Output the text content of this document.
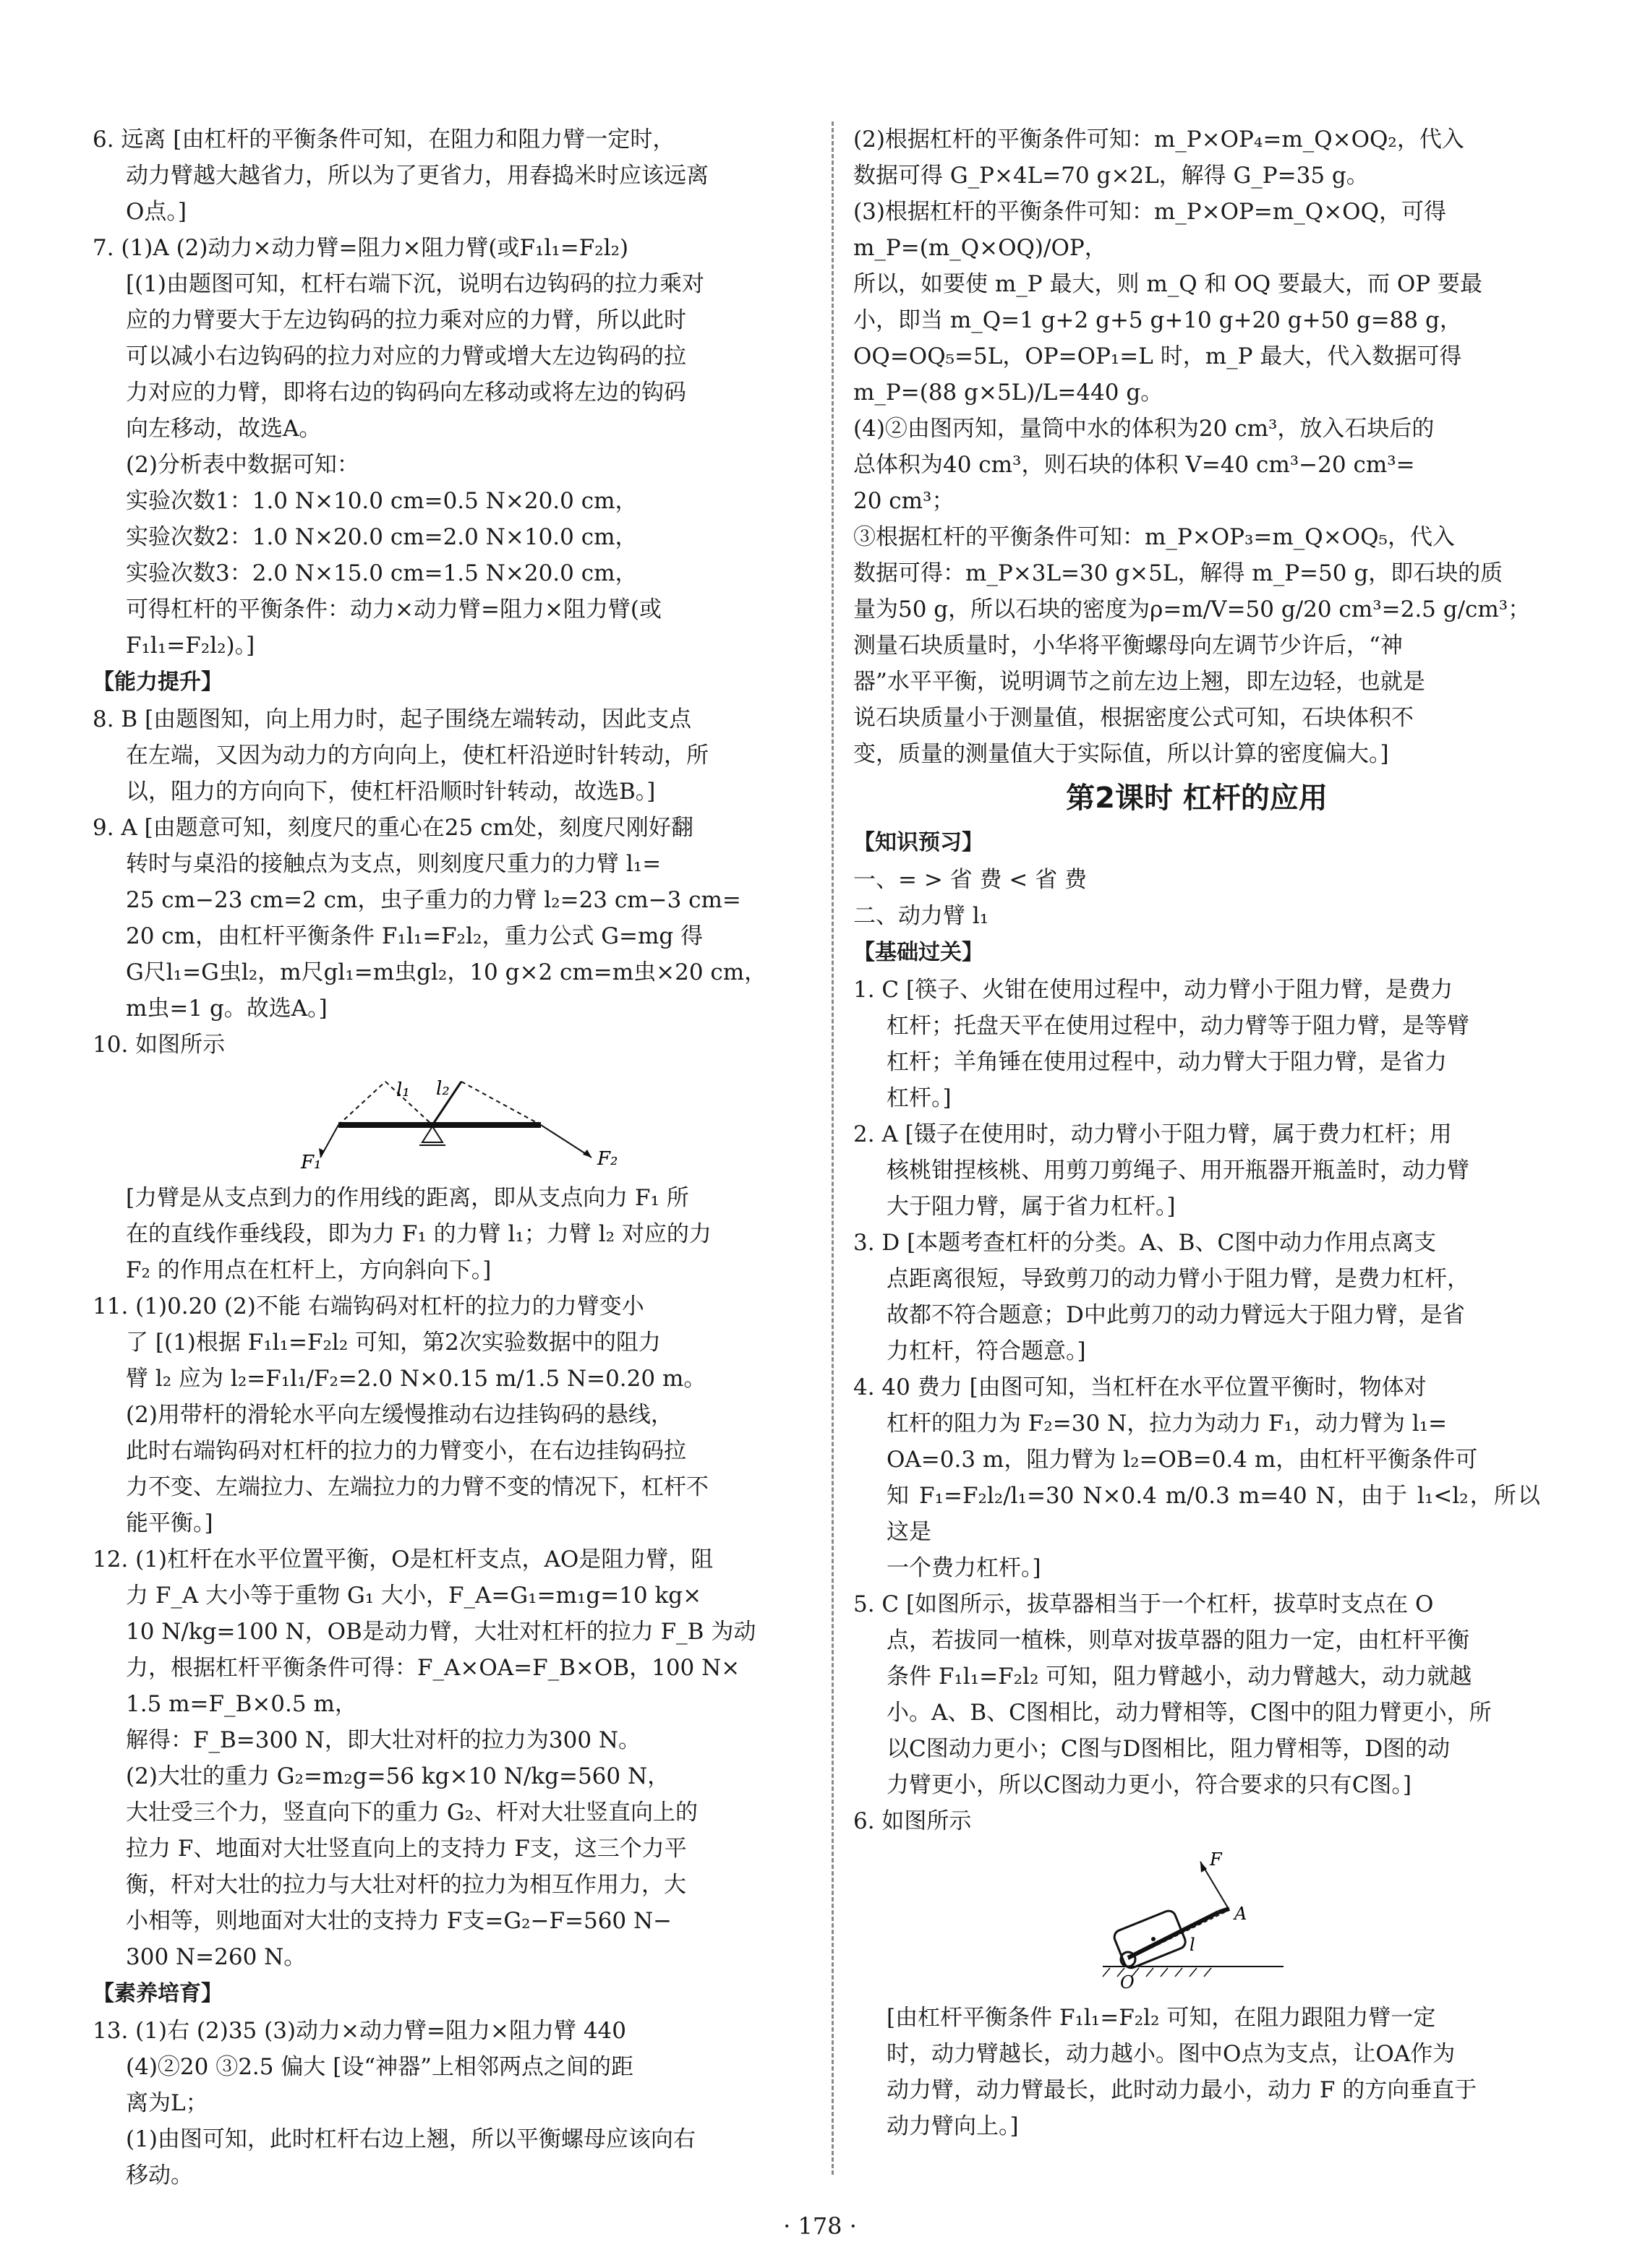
6. 远离 [由杠杆的平衡条件可知，在阻力和阻力臂一定时，
动力臂越大越省力，所以为了更省力，用舂捣米时应该远离
O点。]
7. (1)A (2)动力×动力臂=阻力×阻力臂(或F₁l₁=F₂l₂)
[(1)由题图可知，杠杆右端下沉，说明右边钩码的拉力乘对
应的力臂要大于左边钩码的拉力乘对应的力臂，所以此时
可以减小右边钩码的拉力对应的力臂或增大左边钩码的拉
力对应的力臂，即将右边的钩码向左移动或将左边的钩码
向左移动，故选A。
(2)分析表中数据可知：
实验次数1：1.0 N×10.0 cm=0.5 N×20.0 cm，
实验次数2：1.0 N×20.0 cm=2.0 N×10.0 cm，
实验次数3：2.0 N×15.0 cm=1.5 N×20.0 cm，
可得杠杆的平衡条件：动力×动力臂=阻力×阻力臂(或
F₁l₁=F₂l₂)。]
【能力提升】
8. B [由题图知，向上用力时，起子围绕左端转动，因此支点
在左端，又因为动力的方向向上，使杠杆沿逆时针转动，所
以，阻力的方向向下，使杠杆沿顺时针转动，故选B。]
9. A [由题意可知，刻度尺的重心在25 cm处，刻度尺刚好翻
转时与桌沿的接触点为支点，则刻度尺重力的力臂 l₁=
25 cm−23 cm=2 cm，虫子重力的力臂 l₂=23 cm−3 cm=
20 cm，由杠杆平衡条件 F₁l₁=F₂l₂，重力公式 G=mg 得
G尺l₁=G虫l₂，m尺gl₁=m虫gl₂，10 g×2 cm=m虫×20 cm，
m虫=1 g。故选A。]
10. 如图所示
l₁ l₂
F₁	F₂
[力臂是从支点到力的作用线的距离，即从支点向力 F₁ 所
在的直线作垂线段，即为力 F₁ 的力臂 l₁；力臂 l₂ 对应的力
F₂ 的作用点在杠杆上，方向斜向下。]
11. (1)0.20 (2)不能 右端钩码对杠杆的拉力的力臂变小
了 [(1)根据 F₁l₁=F₂l₂ 可知，第2次实验数据中的阻力
臂 l₂ 应为 l₂=F₁l₁/F₂=2.0 N×0.15 m/1.5 N=0.20 m。
(2)用带杆的滑轮水平向左缓慢推动右边挂钩码的悬线，
此时右端钩码对杠杆的拉力的力臂变小，在右边挂钩码拉
力不变、左端拉力、左端拉力的力臂不变的情况下，杠杆不
能平衡。]
12. (1)杠杆在水平位置平衡，O是杠杆支点，AO是阻力臂，阻
力 F_A 大小等于重物 G₁ 大小，F_A=G₁=m₁g=10 kg×
10 N/kg=100 N，OB是动力臂，大壮对杠杆的拉力 F_B 为动
力，根据杠杆平衡条件可得：F_A×OA=F_B×OB，100 N×
1.5 m=F_B×0.5 m，
解得：F_B=300 N，即大壮对杆的拉力为300 N。
(2)大壮的重力 G₂=m₂g=56 kg×10 N/kg=560 N，
大壮受三个力，竖直向下的重力 G₂、杆对大壮竖直向上的
拉力 F、地面对大壮竖直向上的支持力 F支，这三个力平
衡，杆对大壮的拉力与大壮对杆的拉力为相互作用力，大
小相等，则地面对大壮的支持力 F支=G₂−F=560 N−
300 N=260 N。
【素养培育】
13. (1)右 (2)35 (3)动力×动力臂=阻力×阻力臂 440
(4)②20 ③2.5 偏大 [设“神器”上相邻两点之间的距
离为L；
(1)由图可知，此时杠杆右边上翘，所以平衡螺母应该向右
移动。
(2)根据杠杆的平衡条件可知：m_P×OP₄=m_Q×OQ₂，代入
数据可得 G_P×4L=70 g×2L，解得 G_P=35 g。
(3)根据杠杆的平衡条件可知：m_P×OP=m_Q×OQ，可得
m_P=(m_Q×OQ)/OP，
所以，如要使 m_P 最大，则 m_Q 和 OQ 要最大，而 OP 要最
小，即当 m_Q=1 g+2 g+5 g+10 g+20 g+50 g=88 g，
OQ=OQ₅=5L，OP=OP₁=L 时，m_P 最大，代入数据可得
m_P=(88 g×5L)/L=440 g。
(4)②由图丙知，量筒中水的体积为20 cm³，放入石块后的
总体积为40 cm³，则石块的体积 V=40 cm³−20 cm³=
20 cm³；
③根据杠杆的平衡条件可知：m_P×OP₃=m_Q×OQ₅，代入
数据可得：m_P×3L=30 g×5L，解得 m_P=50 g，即石块的质
量为50 g，所以石块的密度为ρ=m/V=50 g/20 cm³=2.5 g/cm³；
测量石块质量时，小华将平衡螺母向左调节少许后，“神
器”水平平衡，说明调节之前左边上翘，即左边轻，也就是
说石块质量小于测量值，根据密度公式可知，石块体积不
变，质量的测量值大于实际值，所以计算的密度偏大。]
第2课时 杠杆的应用
【知识预习】
一、= > 省 费 < 省 费
二、动力臂 l₁
【基础过关】
1. C [筷子、火钳在使用过程中，动力臂小于阻力臂，是费力
杠杆；托盘天平在使用过程中，动力臂等于阻力臂，是等臂
杠杆；羊角锤在使用过程中，动力臂大于阻力臂，是省力
杠杆。]
2. A [镊子在使用时，动力臂小于阻力臂，属于费力杠杆；用
核桃钳捏核桃、用剪刀剪绳子、用开瓶器开瓶盖时，动力臂
大于阻力臂，属于省力杠杆。]
3. D [本题考查杠杆的分类。A、B、C图中动力作用点离支
点距离很短，导致剪刀的动力臂小于阻力臂，是费力杠杆，
故都不符合题意；D中此剪刀的动力臂远大于阻力臂，是省
力杠杆，符合题意。]
4. 40 费力 [由图可知，当杠杆在水平位置平衡时，物体对
杠杆的阻力为 F₂=30 N，拉力为动力 F₁，动力臂为 l₁=
OA=0.3 m，阻力臂为 l₂=OB=0.4 m，由杠杆平衡条件可
知 F₁=F₂l₂/l₁=30 N×0.4 m/0.3 m=40 N，由于 l₁<l₂，所以这是
一个费力杠杆。]
5. C [如图所示，拔草器相当于一个杠杆，拔草时支点在 O
点，若拔同一植株，则草对拔草器的阻力一定，由杠杆平衡
条件 F₁l₁=F₂l₂ 可知，阻力臂越小，动力臂越大，动力就越
小。A、B、C图相比，动力臂相等，C图中的阻力臂更小，所
以C图动力更小；C图与D图相比，阻力臂相等，D图的动
力臂更小，所以C图动力更小，符合要求的只有C图。]
6. 如图所示
F
A
l
O
[由杠杆平衡条件 F₁l₁=F₂l₂ 可知，在阻力跟阻力臂一定
时，动力臂越长，动力越小。图中O点为支点，让OA作为
动力臂，动力臂最长，此时动力最小，动力 F 的方向垂直于
动力臂向上。]
· 178 ·
